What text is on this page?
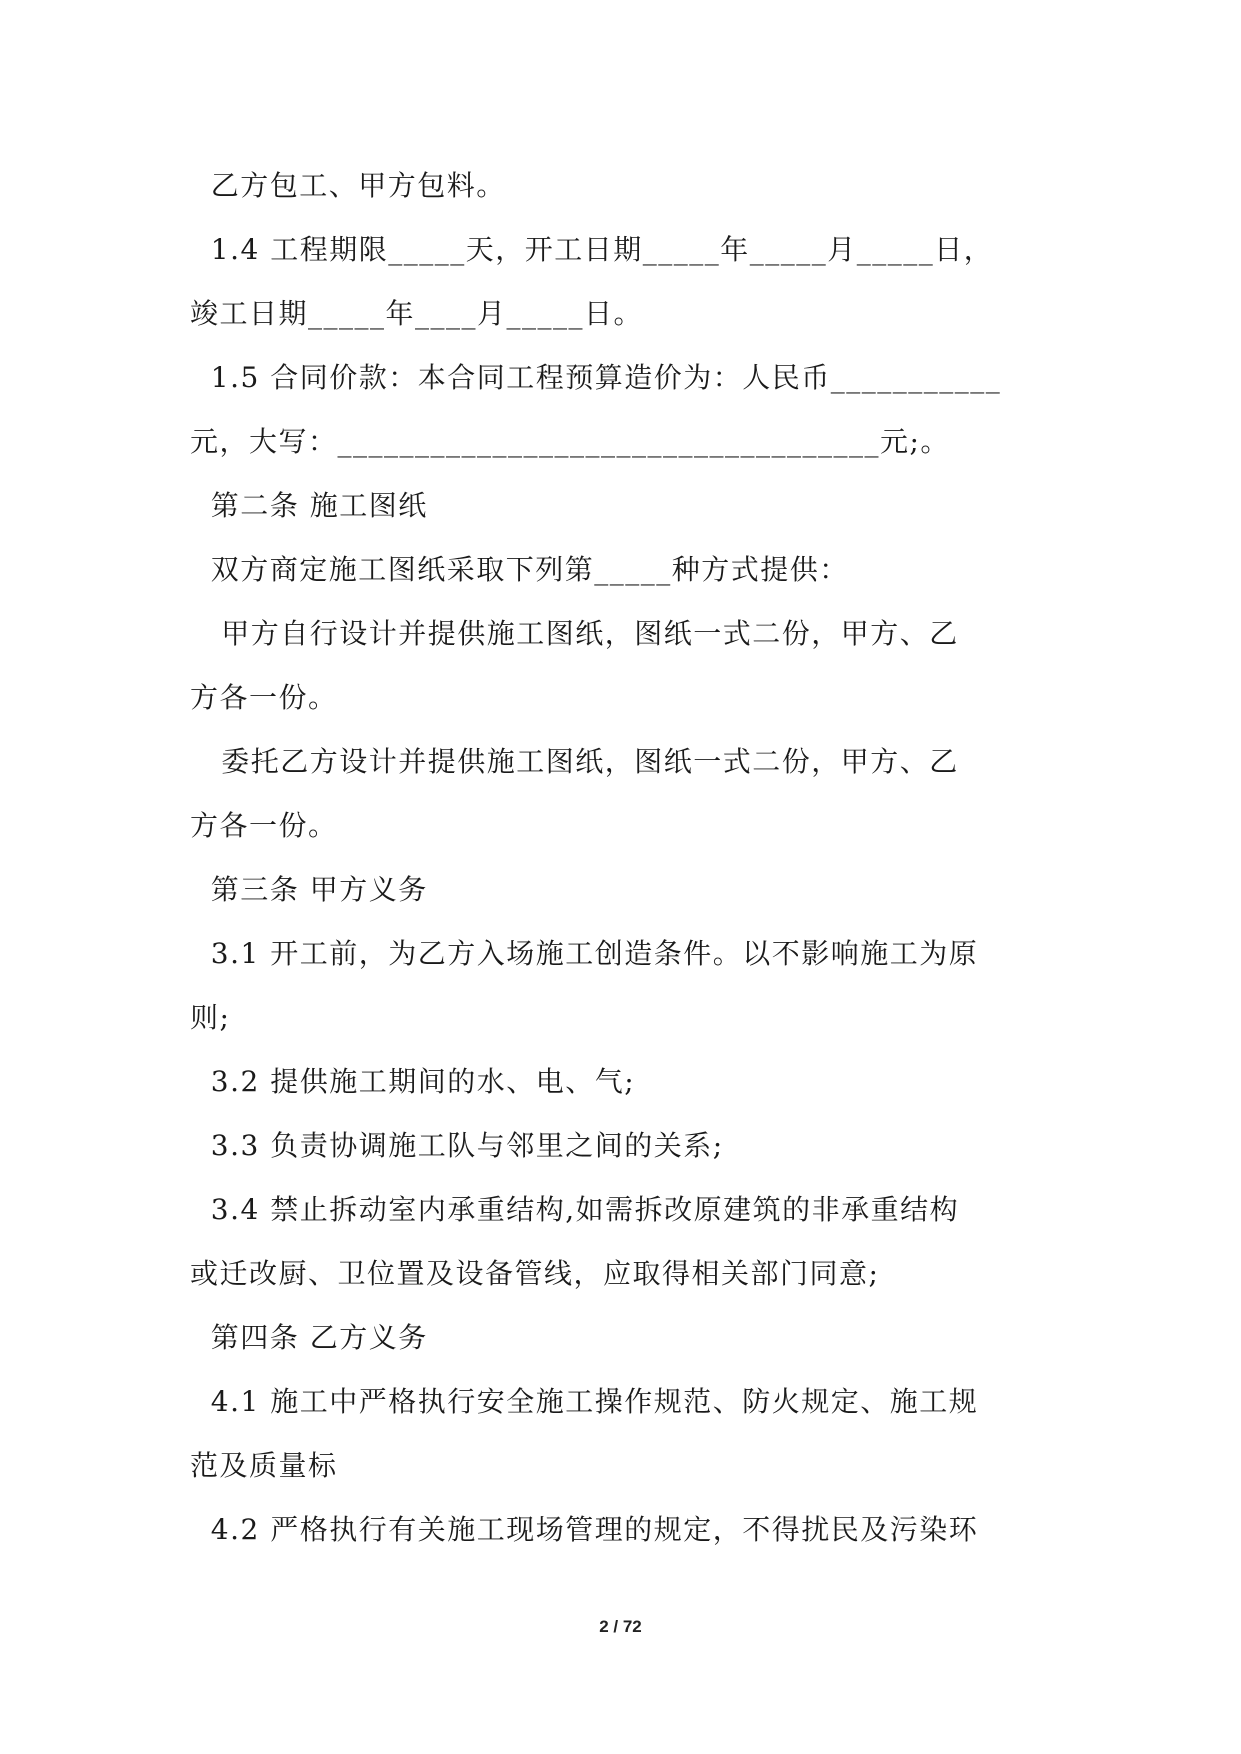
乙方包工、甲方包料。
1.4 工程期限_____天，开工日期_____年_____月_____日，
竣工日期_____年____月_____日。
1.5 合同价款：本合同工程预算造价为：人民币___________
元，大写：___________________________________元;。
第二条 施工图纸
双方商定施工图纸采取下列第_____种方式提供：
甲方自行设计并提供施工图纸，图纸一式二份，甲方、乙
方各一份。
委托乙方设计并提供施工图纸，图纸一式二份，甲方、乙
方各一份。
第三条 甲方义务
3.1 开工前，为乙方入场施工创造条件。以不影响施工为原
则;
3.2 提供施工期间的水、电、气;
3.3 负责协调施工队与邻里之间的关系;
3.4 禁止拆动室内承重结构,如需拆改原建筑的非承重结构
或迁改厨、卫位置及设备管线，应取得相关部门同意;
第四条 乙方义务
4.1 施工中严格执行安全施工操作规范、防火规定、施工规
范及质量标
4.2 严格执行有关施工现场管理的规定，不得扰民及污染环
2 / 72
